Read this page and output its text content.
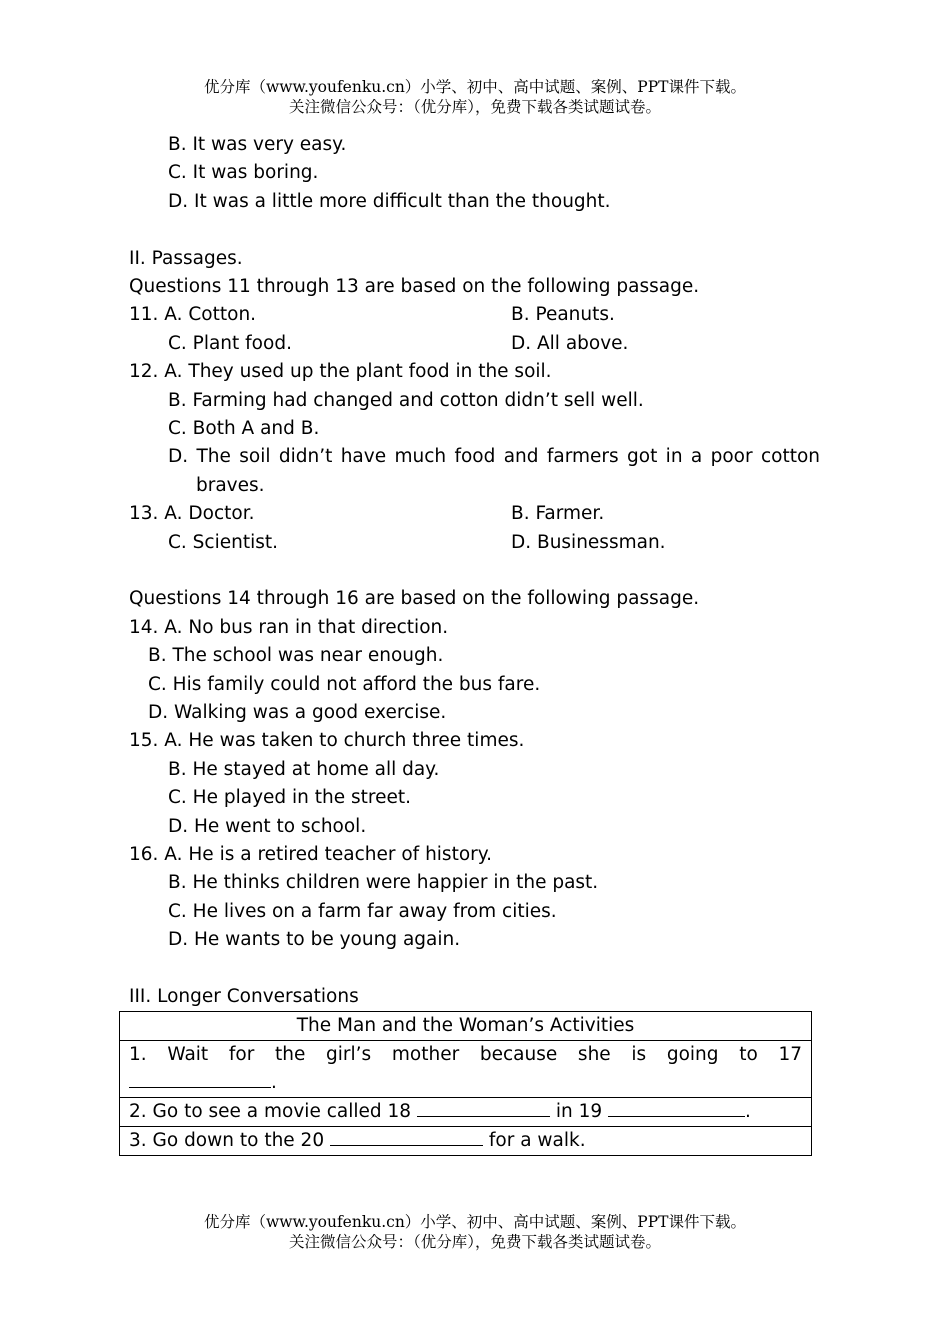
优分库（www.youfenku.cn）小学、初中、高中试题、案例、PPT课件下载。
关注微信公众号：（优分库），免费下载各类试题试卷。
B. It was very easy.
C. It was boring.
D. It was a little more difficult than the thought.
II. Passages.
Questions 11 through 13 are based on the following passage.
11. A. Cotton.	B. Peanuts.
C. Plant food.	D. All above.
12. A. They used up the plant food in the soil.
B. Farming had changed and cotton didn’t sell well.
C. Both A and B.
D. The soil didn’t have much food and farmers got in a poor cotton
braves.
13. A. Doctor.	B. Farmer.
C. Scientist.	D. Businessman.
Questions 14 through 16 are based on the following passage.
14. A. No bus ran in that direction.
B. The school was near enough.
C. His family could not afford the bus fare.
D. Walking was a good exercise.
15. A. He was taken to church three times.
B. He stayed at home all day.
C. He played in the street.
D. He went to school.
16. A. He is a retired teacher of history.
B. He thinks children were happier in the past.
C. He lives on a farm far away from cities.
D. He wants to be young again.
III. Longer Conversations
The Man and the Woman’s Activities

1. Wait for the girl’s mother because she is going to 17
.

2. Go to see a movie called 18	in 19	.
3. Go down to the 20	for a walk.
优分库（www.youfenku.cn）小学、初中、高中试题、案例、PPT课件下载。
关注微信公众号：（优分库），免费下载各类试题试卷。
